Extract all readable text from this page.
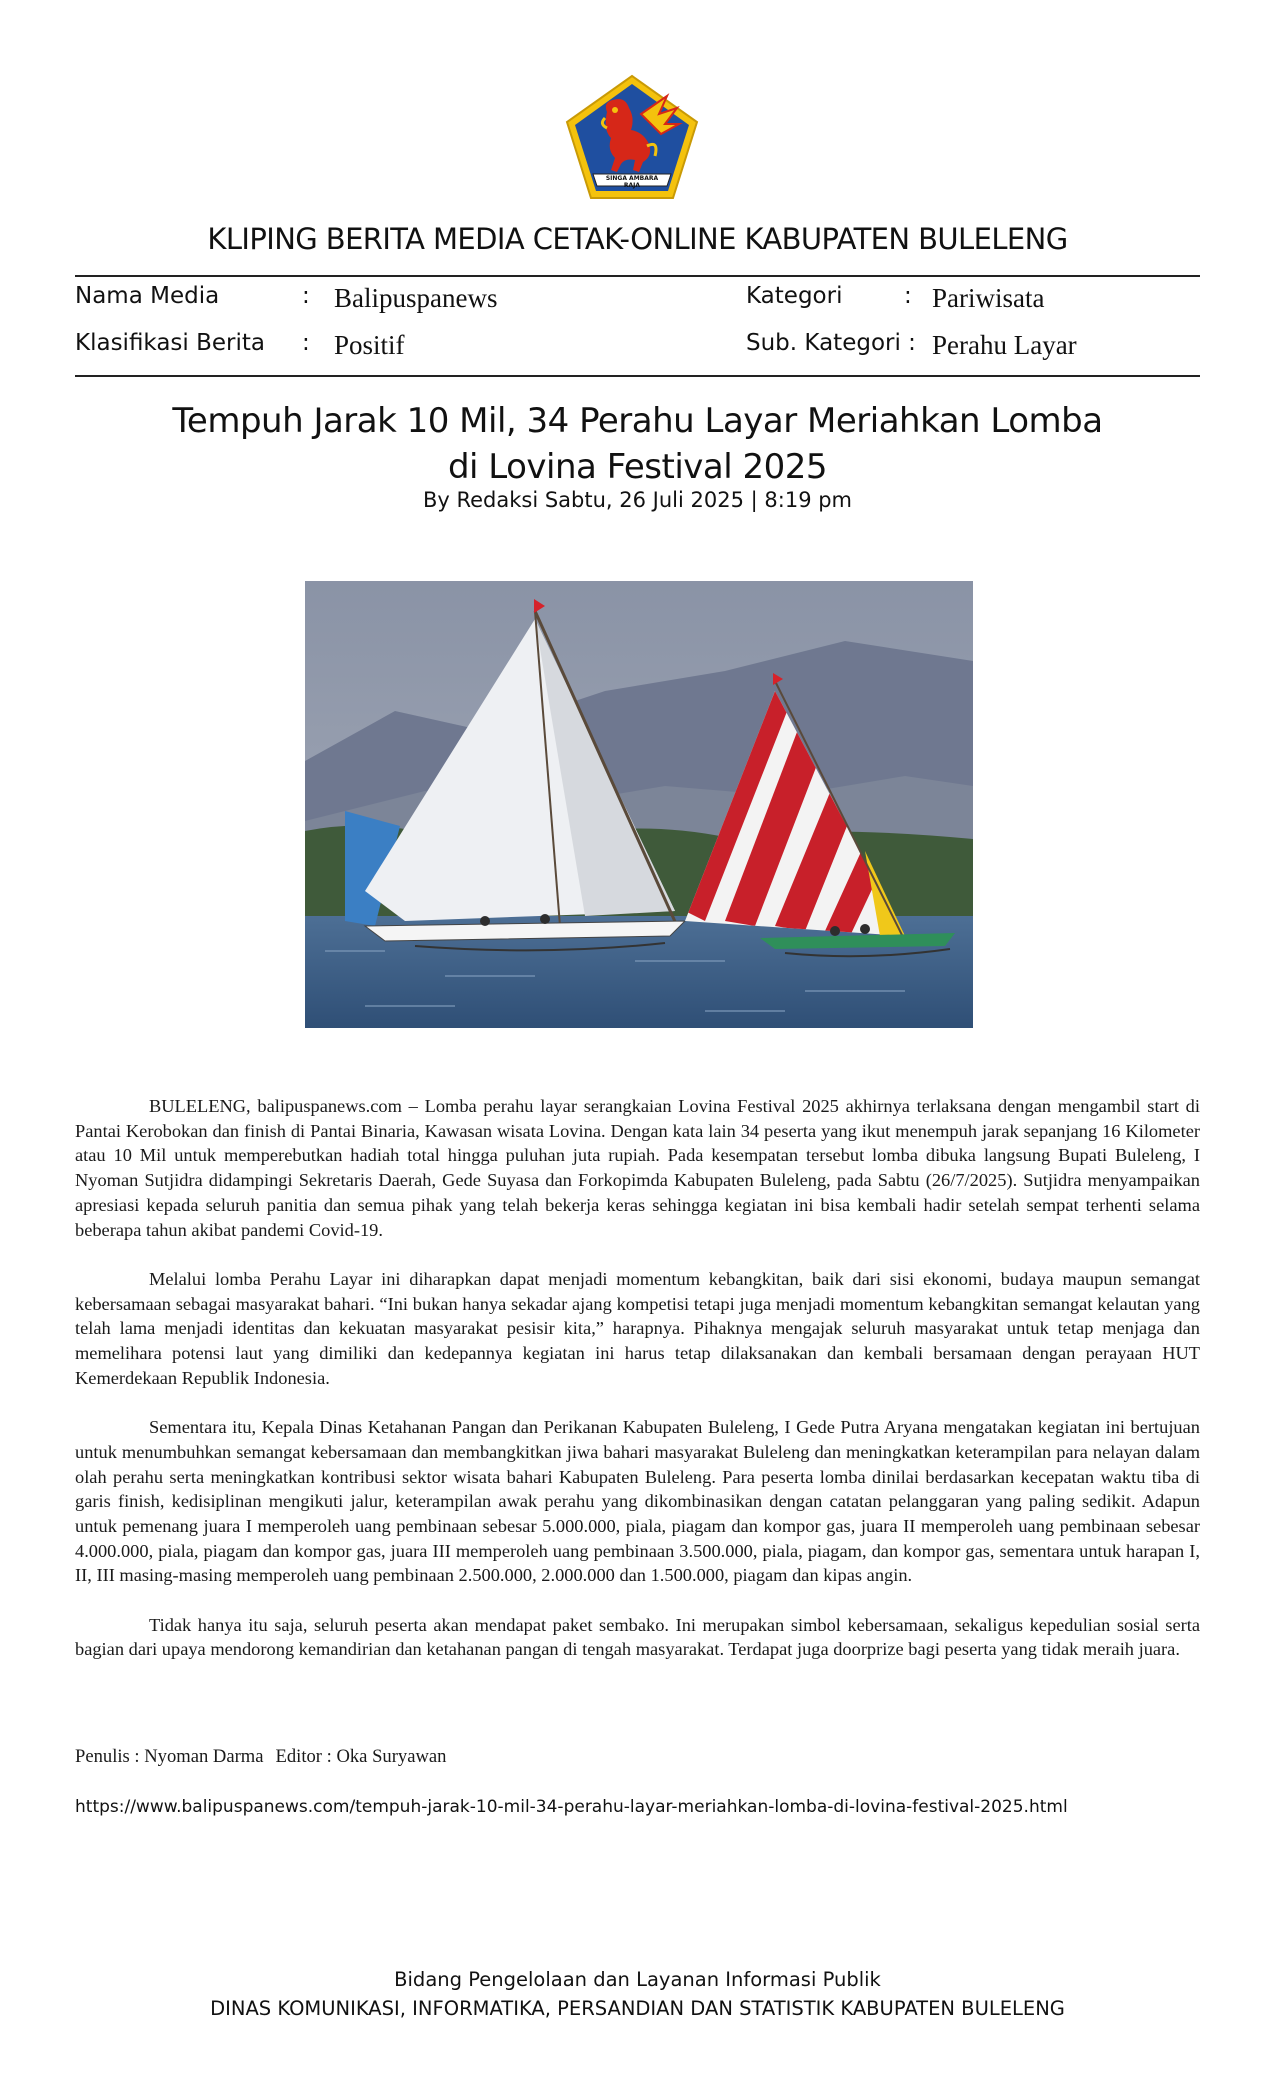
SINGA AMBARA RAJA
KLIPING BERITA MEDIA CETAK-ONLINE KABUPATEN BULELENG
Nama Media	: Balipuspanews
Klasifikasi Berita : Positif
Kategori	: Pariwisata
Sub. Kategori : Perahu Layar
Tempuh Jarak 10 Mil, 34 Perahu Layar Meriahkan Lomba
di Lovina Festival 2025
By Redaksi Sabtu, 26 Juli 2025 | 8:19 pm

BULELENG, balipuspanews.com – Lomba perahu layar serangkaian Lovina Festival 2025 akhirnya terlaksana dengan mengambil start di Pantai Kerobokan dan finish di Pantai Binaria, Kawasan wisata Lovina. Dengan kata lain 34 peserta yang ikut menempuh jarak sepanjang 16 Kilometer atau 10 Mil untuk memperebutkan hadiah total hingga puluhan juta rupiah. Pada kesempatan tersebut lomba dibuka langsung Bupati Buleleng, I Nyoman Sutjidra didampingi Sekretaris Daerah, Gede Suyasa dan Forkopimda Kabupaten Buleleng, pada Sabtu (26/7/2025). Sutjidra menyampaikan apresiasi kepada seluruh panitia dan semua pihak yang telah bekerja keras sehingga kegiatan ini bisa kembali hadir setelah sempat terhenti selama beberapa tahun akibat pandemi Covid-19.

Melalui lomba Perahu Layar ini diharapkan dapat menjadi momentum kebangkitan, baik dari sisi ekonomi, budaya maupun semangat kebersamaan sebagai masyarakat bahari. “Ini bukan hanya sekadar ajang kompetisi tetapi juga menjadi momentum kebangkitan semangat kelautan yang telah lama menjadi identitas dan kekuatan masyarakat pesisir kita,” harapnya. Pihaknya mengajak seluruh masyarakat untuk tetap menjaga dan memelihara potensi laut yang dimiliki dan kedepannya kegiatan ini harus tetap dilaksanakan dan kembali bersamaan dengan perayaan HUT Kemerdekaan Republik Indonesia.

Sementara itu, Kepala Dinas Ketahanan Pangan dan Perikanan Kabupaten Buleleng, I Gede Putra Aryana mengatakan kegiatan ini bertujuan untuk menumbuhkan semangat kebersamaan dan membangkitkan jiwa bahari masyarakat Buleleng dan meningkatkan keterampilan para nelayan dalam olah perahu serta meningkatkan kontribusi sektor wisata bahari Kabupaten Buleleng. Para peserta lomba dinilai berdasarkan kecepatan waktu tiba di garis finish, kedisiplinan mengikuti jalur, keterampilan awak perahu yang dikombinasikan dengan catatan pelanggaran yang paling sedikit. Adapun untuk pemenang juara I memperoleh uang pembinaan sebesar 5.000.000, piala, piagam dan kompor gas, juara II memperoleh uang pembinaan sebesar 4.000.000, piala, piagam dan kompor gas, juara III memperoleh uang pembinaan 3.500.000, piala, piagam, dan kompor gas, sementara untuk harapan I, II, III masing-masing memperoleh uang pembinaan 2.500.000, 2.000.000 dan 1.500.000, piagam dan kipas angin.

Tidak hanya itu saja, seluruh peserta akan mendapat paket sembako. Ini merupakan simbol kebersamaan, sekaligus kepedulian sosial serta bagian dari upaya mendorong kemandirian dan ketahanan pangan di tengah masyarakat. Terdapat juga doorprize bagi peserta yang tidak meraih juara.

Penulis : Nyoman Darma Editor : Oka Suryawan
https://www.balipuspanews.com/tempuh-jarak-10-mil-34-perahu-layar-meriahkan-lomba-di-lovina-festival-2025.html
Bidang Pengelolaan dan Layanan Informasi Publik
DINAS KOMUNIKASI, INFORMATIKA, PERSANDIAN DAN STATISTIK KABUPATEN BULELENG
